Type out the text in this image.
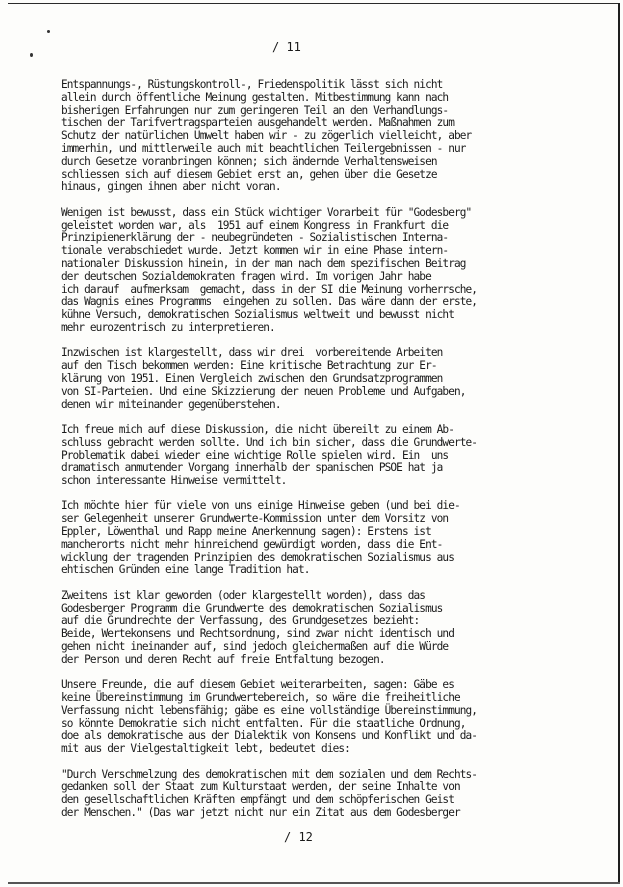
/ 11
Entspannungs-, Rüstungskontroll-, Friedenspolitik lässt sich nicht
allein durch öffentliche Meinung gestalten. Mitbestimmung kann nach
bisherigen Erfahrungen nur zum geringeren Teil an den Verhandlungs-
tischen der Tarifvertragsparteien ausgehandelt werden. Maßnahmen zum
Schutz der natürlichen Umwelt haben wir - zu zögerlich vielleicht, aber
immerhin, und mittlerweile auch mit beachtlichen Teilergebnissen - nur
durch Gesetze voranbringen können; sich ändernde Verhaltensweisen
schliessen sich auf diesem Gebiet erst an, gehen über die Gesetze
hinaus, gingen ihnen aber nicht voran.
Wenigen ist bewusst, dass ein Stück wichtiger Vorarbeit für "Godesberg"
geleistet worden war, als  1951 auf einem Kongress in Frankfurt die
Prinzipienerklärung der - neubegründeten - Sozialistischen Interna-
tionale verabschiedet wurde. Jetzt kommen wir in eine Phase intern-
nationaler Diskussion hinein, in der man nach dem spezifischen Beitrag
der deutschen Sozialdemokraten fragen wird. Im vorigen Jahr habe
ich darauf  aufmerksam  gemacht, dass in der SI die Meinung vorherrsche,
das Wagnis eines Programms  eingehen zu sollen. Das wäre dann der erste,
kühne Versuch, demokratischen Sozialismus weltweit und bewusst nicht
mehr eurozentrisch zu interpretieren.
Inzwischen ist klargestellt, dass wir drei  vorbereitende Arbeiten
auf den Tisch bekommen werden: Eine kritische Betrachtung zur Er-
klärung von 1951. Einen Vergleich zwischen den Grundsatzprogrammen
von SI-Parteien. Und eine Skizzierung der neuen Probleme und Aufgaben,
denen wir miteinander gegenüberstehen.
Ich freue mich auf diese Diskussion, die nicht übereilt zu einem Ab-
schluss gebracht werden sollte. Und ich bin sicher, dass die Grundwerte-
Problematik dabei wieder eine wichtige Rolle spielen wird. Ein  uns
dramatisch anmutender Vorgang innerhalb der spanischen PSOE hat ja
schon interessante Hinweise vermittelt.
Ich möchte hier für viele von uns einige Hinweise geben (und bei die-
ser Gelegenheit unserer Grundwerte-Kommission unter dem Vorsitz von
Eppler, Löwenthal und Rapp meine Anerkennung sagen): Erstens ist
mancherorts nicht mehr hinreichend gewürdigt worden, dass die Ent-
wicklung der tragenden Prinzipien des demokratischen Sozialismus aus
ehtischen Gründen eine lange Tradition hat.
Zweitens ist klar geworden (oder klargestellt worden), dass das
Godesberger Programm die Grundwerte des demokratischen Sozialismus
auf die Grundrechte der Verfassung, des Grundgesetzes bezieht:
Beide, Wertekonsens und Rechtsordnung, sind zwar nicht identisch und
gehen nicht ineinander auf, sind jedoch gleichermaßen auf die Würde
der Person und deren Recht auf freie Entfaltung bezogen.
Unsere Freunde, die auf diesem Gebiet weiterarbeiten, sagen: Gäbe es
keine Übereinstimmung im Grundwertebereich, so wäre die freiheitliche
Verfassung nicht lebensfähig; gäbe es eine vollständige Übereinstimmung,
so könnte Demokratie sich nicht entfalten. Für die staatliche Ordnung,
doe als demokratische aus der Dialektik von Konsens und Konflikt und da-
mit aus der Vielgestaltigkeit lebt, bedeutet dies:
"Durch Verschmelzung des demokratischen mit dem sozialen und dem Rechts-
gedanken soll der Staat zum Kulturstaat werden, der seine Inhalte von
den gesellschaftlichen Kräften empfängt und dem schöpferischen Geist
der Menschen." (Das war jetzt nicht nur ein Zitat aus dem Godesberger
/ 12
